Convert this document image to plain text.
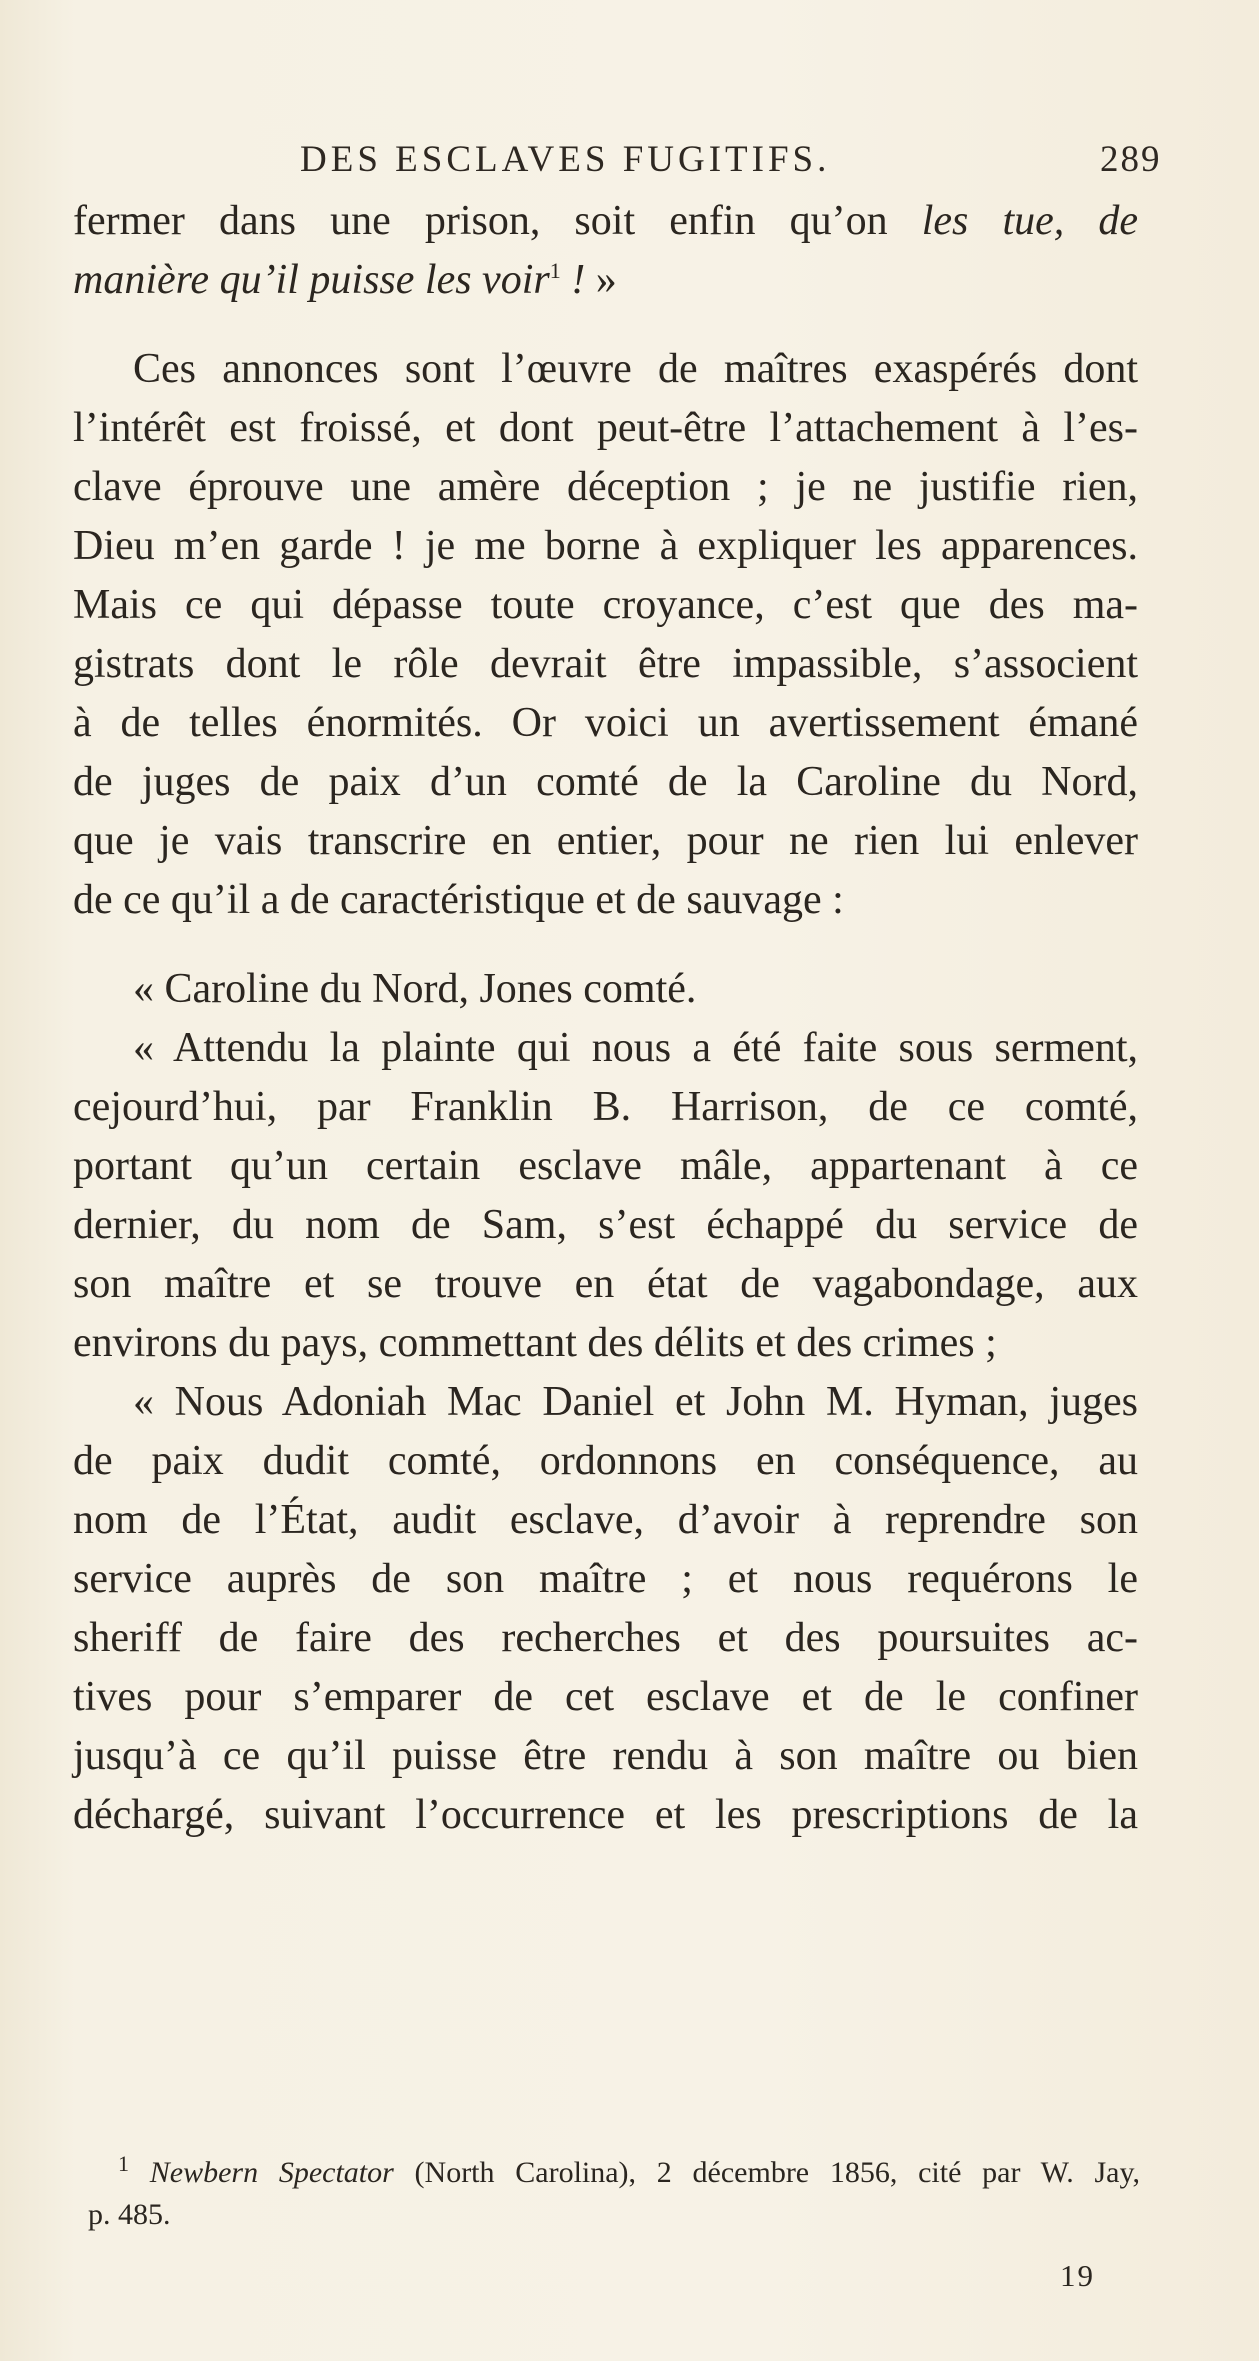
DES ESCLAVES FUGITIFS.	289
fermer dans une prison, soit enfin qu’on les tue, de
manière qu’il puisse les voir$^1$ ! »
Ces annonces sont l’œuvre de maîtres exaspérés dont
l’intérêt est froissé, et dont peut-être l’attachement à l’es-
clave éprouve une amère déception ; je ne justifie rien,
Dieu m’en garde ! je me borne à expliquer les apparences.
Mais ce qui dépasse toute croyance, c’est que des ma-
gistrats dont le rôle devrait être impassible, s’associent
à de telles énormités. Or voici un avertissement émané
de juges de paix d’un comté de la Caroline du Nord,
que je vais transcrire en entier, pour ne rien lui enlever
de ce qu’il a de caractéristique et de sauvage :
« Caroline du Nord, Jones comté.
« Attendu la plainte qui nous a été faite sous serment,
cejourd’hui, par Franklin B. Harrison, de ce comté,
portant qu’un certain esclave mâle, appartenant à ce
dernier, du nom de Sam, s’est échappé du service de
son maître et se trouve en état de vagabondage, aux
environs du pays, commettant des délits et des crimes ;
« Nous Adoniah Mac Daniel et John M. Hyman, juges
de paix dudit comté, ordonnons en conséquence, au
nom de l’État, audit esclave, d’avoir à reprendre son
service auprès de son maître ; et nous requérons le
sheriff de faire des recherches et des poursuites ac-
tives pour s’emparer de cet esclave et de le confiner
jusqu’à ce qu’il puisse être rendu à son maître ou bien
déchargé, suivant l’occurrence et les prescriptions de la
$^1$ Newbern Spectator (North Carolina), 2 décembre 1856, cité par W. Jay,
p. 485.
19
